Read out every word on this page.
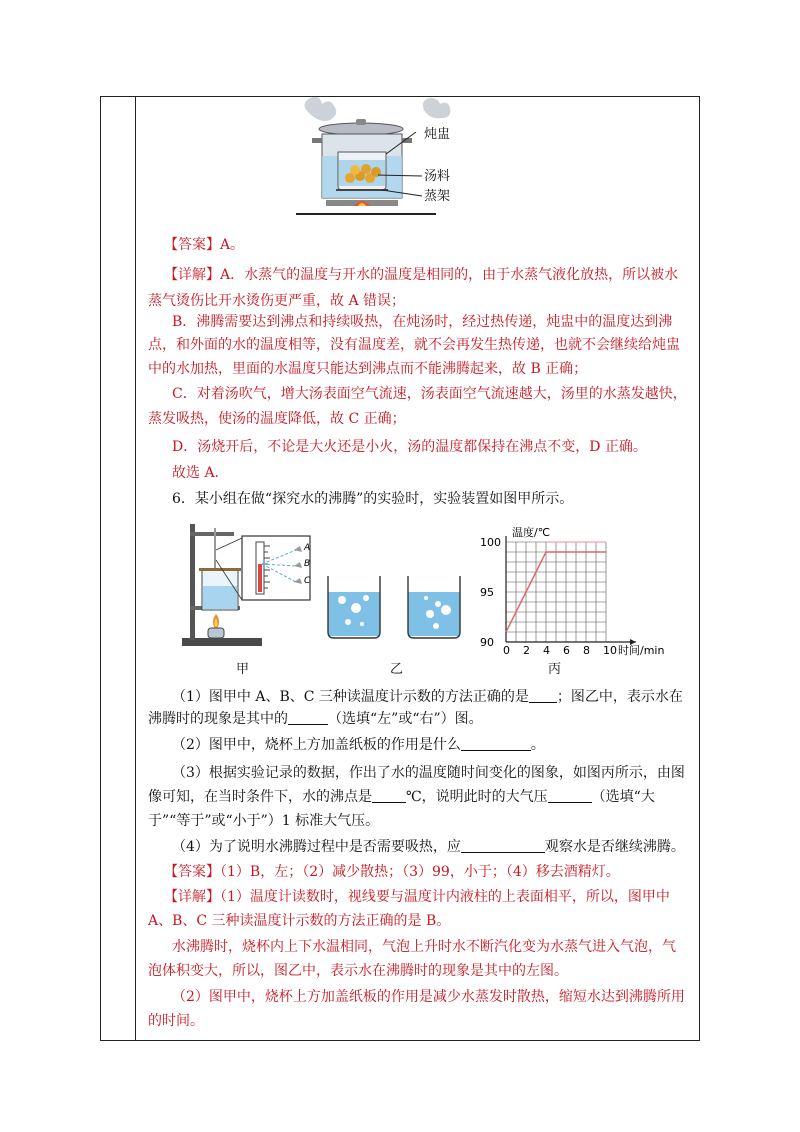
炖盅
汤料
蒸架
【答案】A。
【详解】A．水蒸气的温度与开水的温度是相同的，由于水蒸气液化放热，所以被水
蒸气烫伤比开水烫伤更严重，故 A 错误；
B．沸腾需要达到沸点和持续吸热，在炖汤时，经过热传递，炖盅中的温度达到沸
点，和外面的水的温度相等，没有温度差，就不会再发生热传递，也就不会继续给炖盅
中的水加热，里面的水温度只能达到沸点而不能沸腾起来，故 B 正确；
C．对着汤吹气，增大汤表面空气流速，汤表面空气流速越大，汤里的水蒸发越快，
蒸发吸热，使汤的温度降低，故 C 正确；
D．汤烧开后，不论是大火还是小火，汤的温度都保持在沸点不变，D 正确。
故选 A.
6．某小组在做“探究水的沸腾”的实验时，实验装置如图甲所示。
A
B
C
温度/℃
时间/min
0 2 4 6 8 10
90
95
100
甲	乙	丙
（1）图甲中 A、B、C 三种读温度计示数的方法正确的是 ；图乙中，表示水在
沸腾时的现象是其中的	（选填“左”或“右”）图。
（2）图甲中，烧杯上方加盖纸板的作用是什么	。
（3）根据实验记录的数据，作出了水的温度随时间变化的图象，如图丙所示，由图
像可知，在当时条件下，水的沸点是 ℃，说明此时的大气压	（选填“大
于”“等于”或“小于”）1 标准大气压。
（4）为了说明水沸腾过程中是否需要吸热，应	观察水是否继续沸腾。
【答案】（1）B，左；（2）减少散热；（3）99，小于；（4）移去酒精灯。
【详解】（1）温度计读数时，视线要与温度计内液柱的上表面相平，所以，图甲中
A、B、C 三种读温度计示数的方法正确的是 B。
水沸腾时，烧杯内上下水温相同，气泡上升时水不断汽化变为水蒸气进入气泡，气
泡体积变大，所以，图乙中，表示水在沸腾时的现象是其中的左图。
（2）图甲中，烧杯上方加盖纸板的作用是减少水蒸发时散热，缩短水达到沸腾所用
的时间。
